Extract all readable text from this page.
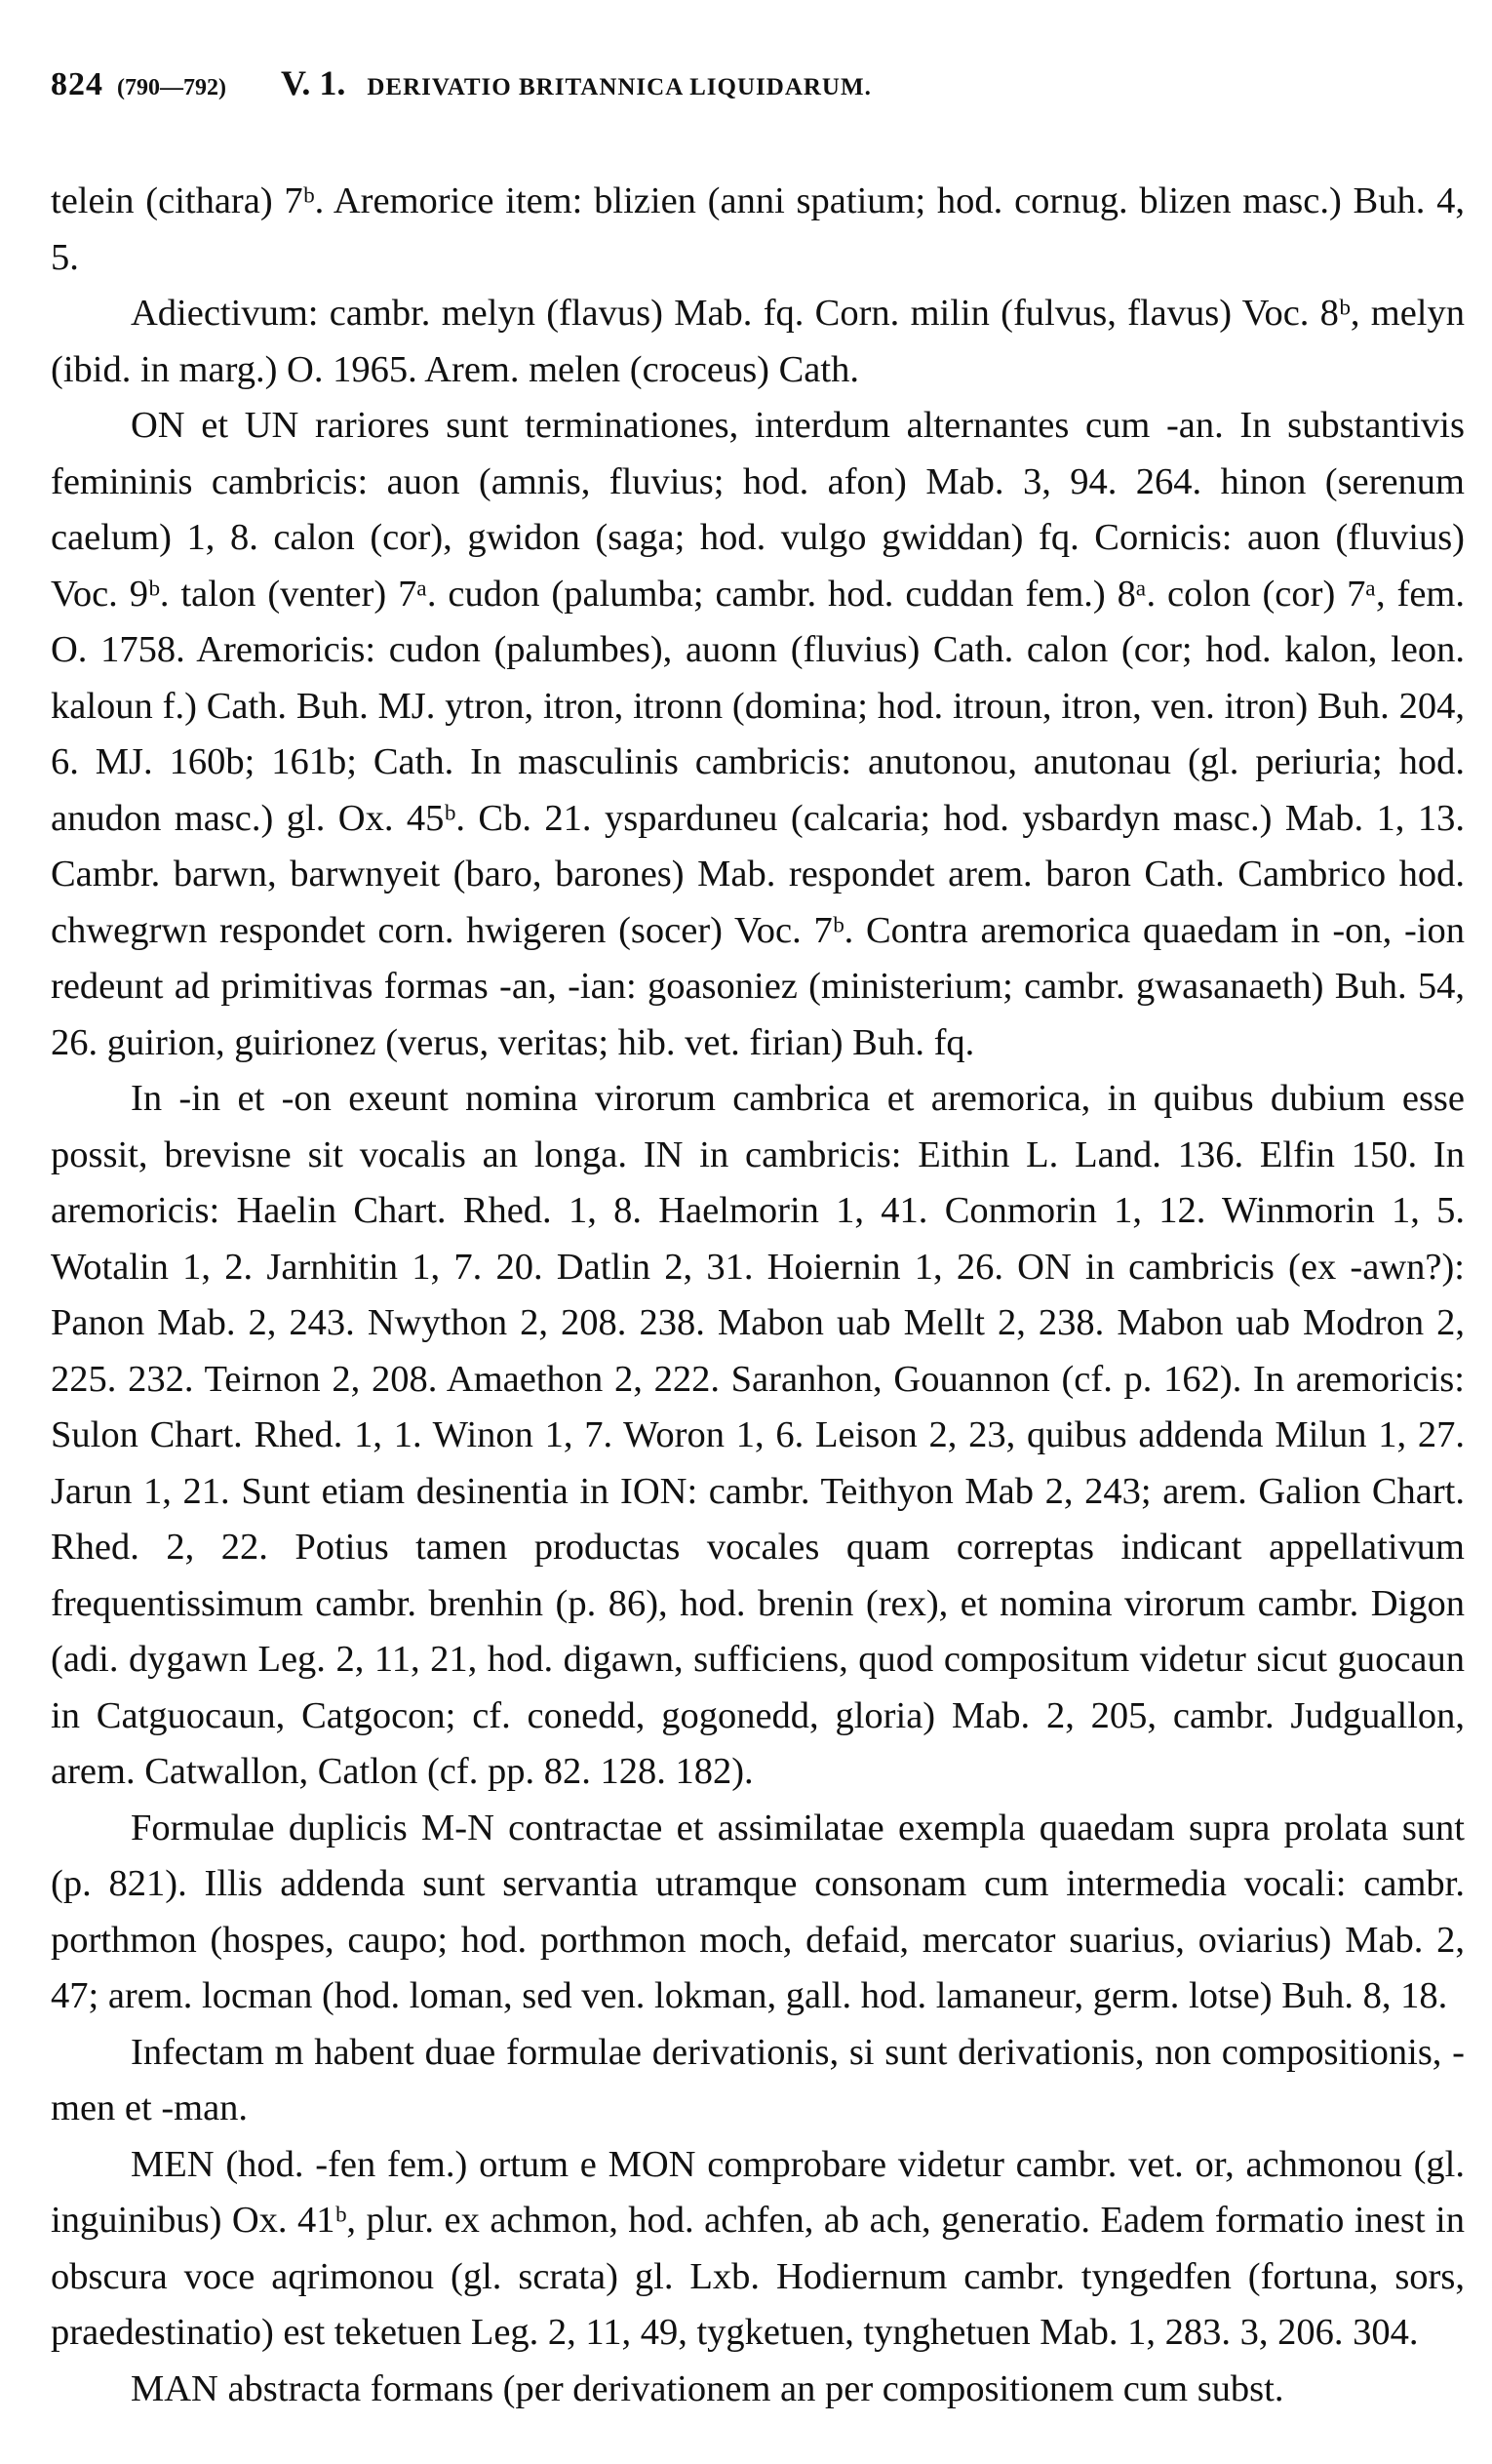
824 (790—792) V. 1. DERIVATIO BRITANNICA LIQUIDARUM.

telein (cithara) 7ᵇ. Aremorice item: blizien (anni spatium; hod. cornug. blizen masc.) Buh. 4, 5.

Adiectivum: cambr. melyn (flavus) Mab. fq. Corn. milin (fulvus, flavus) Voc. 8ᵇ, melyn (ibid. in marg.) O. 1965. Arem. melen (croceus) Cath.

ON et UN rariores sunt terminationes, interdum alternantes cum -an. In substantivis femininis cambricis: auon (amnis, fluvius; hod. afon) Mab. 3, 94. 264. hinon (serenum caelum) 1, 8. calon (cor), gwidon (saga; hod. vulgo gwiddan) fq. Cornicis: auon (fluvius) Voc. 9ᵇ. talon (venter) 7ᵃ. cudon (palumba; cambr. hod. cuddan fem.) 8ᵃ. colon (cor) 7ᵃ, fem. O. 1758. Aremoricis: cudon (palumbes), auonn (fluvius) Cath. calon (cor; hod. kalon, leon. kaloun f.) Cath. Buh. MJ. ytron, itron, itronn (domina; hod. itroun, itron, ven. itron) Buh. 204, 6. MJ. 160b; 161b; Cath. In masculinis cambricis: anutonou, anutonau (gl. periuria; hod. anudon masc.) gl. Ox. 45ᵇ. Cb. 21. ysparduneu (calcaria; hod. ysbardyn masc.) Mab. 1, 13. Cambr. barwn, barwnyeit (baro, barones) Mab. respondet arem. baron Cath. Cambrico hod. chwegrwn respondet corn. hwigeren (socer) Voc. 7ᵇ. Contra aremorica quaedam in -on, -ion redeunt ad primitivas formas -an, -ian: goasoniez (ministerium; cambr. gwasanaeth) Buh. 54, 26. guirion, guirionez (verus, veritas; hib. vet. firian) Buh. fq.

In -in et -on exeunt nomina virorum cambrica et aremorica, in quibus dubium esse possit, brevisne sit vocalis an longa. IN in cambricis: Eithin L. Land. 136. Elfin 150. In aremoricis: Haelin Chart. Rhed. 1, 8. Haelmorin 1, 41. Conmorin 1, 12. Winmorin 1, 5. Wotalin 1, 2. Jarnhitin 1, 7. 20. Datlin 2, 31. Hoiernin 1, 26. ON in cambricis (ex -awn?): Panon Mab. 2, 243. Nwython 2, 208. 238. Mabon uab Mellt 2, 238. Mabon uab Modron 2, 225. 232. Teirnon 2, 208. Amaethon 2, 222. Saranhon, Gouannon (cf. p. 162). In aremoricis: Sulon Chart. Rhed. 1, 1. Winon 1, 7. Woron 1, 6. Leison 2, 23, quibus addenda Milun 1, 27. Jarun 1, 21. Sunt etiam desinentia in ION: cambr. Teithyon Mab 2, 243; arem. Galion Chart. Rhed. 2, 22. Potius tamen productas vocales quam correptas indicant appellativum frequentissimum cambr. brenhin (p. 86), hod. brenin (rex), et nomina virorum cambr. Digon (adi. dygawn Leg. 2, 11, 21, hod. digawn, sufficiens, quod compositum videtur sicut guocaun in Catguocaun, Catgocon; cf. conedd, gogonedd, gloria) Mab. 2, 205, cambr. Judguallon, arem. Catwallon, Catlon (cf. pp. 82. 128. 182).

Formulae duplicis M-N contractae et assimilatae exempla quaedam supra prolata sunt (p. 821). Illis addenda sunt servantia utramque consonam cum intermedia vocali: cambr. porthmon (hospes, caupo; hod. porthmon moch, defaid, mercator suarius, oviarius) Mab. 2, 47; arem. locman (hod. loman, sed ven. lokman, gall. hod. lamaneur, germ. lotse) Buh. 8, 18.

Infectam m habent duae formulae derivationis, si sunt derivationis, non compositionis, -men et -man.

MEN (hod. -fen fem.) ortum e MON comprobare videtur cambr. vet. or, achmonou (gl. inguinibus) Ox. 41ᵇ, plur. ex achmon, hod. achfen, ab ach, generatio. Eadem formatio inest in obscura voce aqrimonou (gl. scrata) gl. Lxb. Hodiernum cambr. tyngedfen (fortuna, sors, praedestinatio) est teketuen Leg. 2, 11, 49, tygketuen, tynghetuen Mab. 1, 283. 3, 206. 304.

MAN abstracta formans (per derivationem an per compositionem cum subst.
